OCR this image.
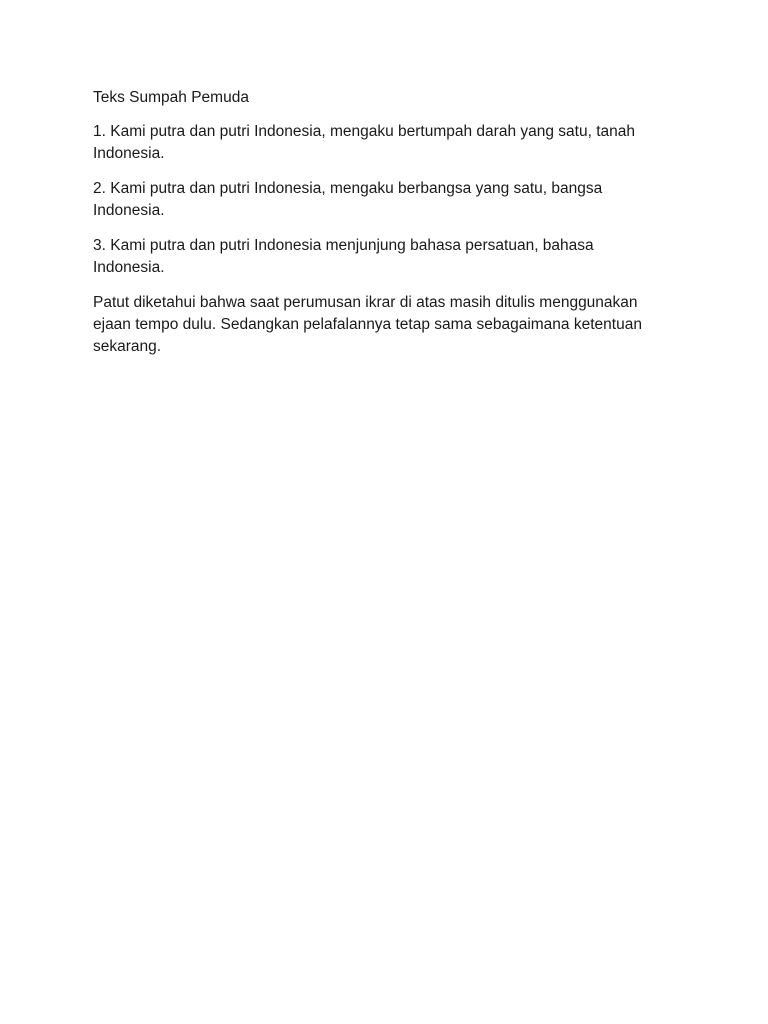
Teks Sumpah Pemuda

1. Kami putra dan putri Indonesia, mengaku bertumpah darah yang satu, tanah Indonesia.

2. Kami putra dan putri Indonesia, mengaku berbangsa yang satu, bangsa Indonesia.

3. Kami putra dan putri Indonesia menjunjung bahasa persatuan, bahasa Indonesia.

Patut diketahui bahwa saat perumusan ikrar di atas masih ditulis menggunakan ejaan tempo dulu. Sedangkan pelafalannya tetap sama sebagaimana ketentuan sekarang.
